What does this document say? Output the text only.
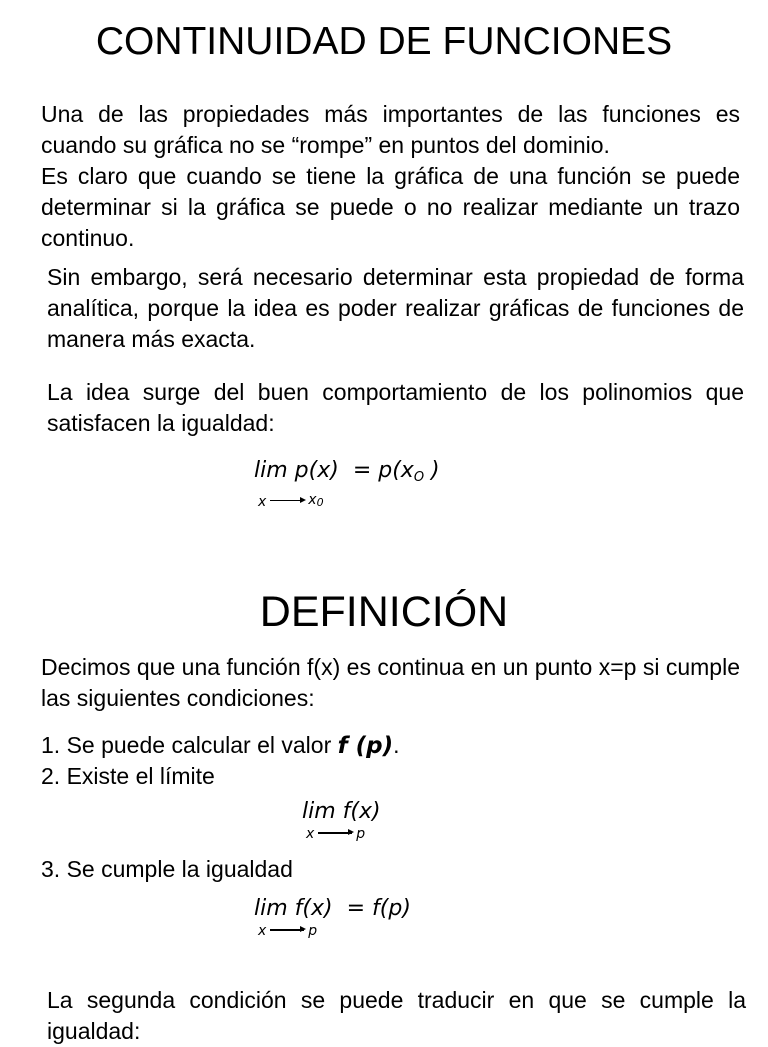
CONTINUIDAD DE FUNCIONES
Una de las propiedades más importantes de las funciones es cuando su gráfica no se “rompe” en puntos del dominio.
Es claro que cuando se tiene la gráfica de una función se puede determinar si la gráfica se puede o no realizar mediante un trazo continuo.
Sin embargo, será necesario determinar esta propiedad de forma analítica, porque la idea es poder realizar gráficas de funciones de manera más exacta.
La idea surge del buen comportamiento de los polinomios que satisfacen la igualdad:
lim p(x) = p(xO )
x	x0
DEFINICIÓN
Decimos que una función f(x) es continua en un punto x=p si cumple las siguientes condiciones:
1. Se puede calcular el valor f (p).
2. Existe el límite
lim f(x)
x	p
3. Se cumple la igualdad
lim f(x) = f(p)
x	p
La segunda condición se puede traducir en que se cumple la igualdad:
